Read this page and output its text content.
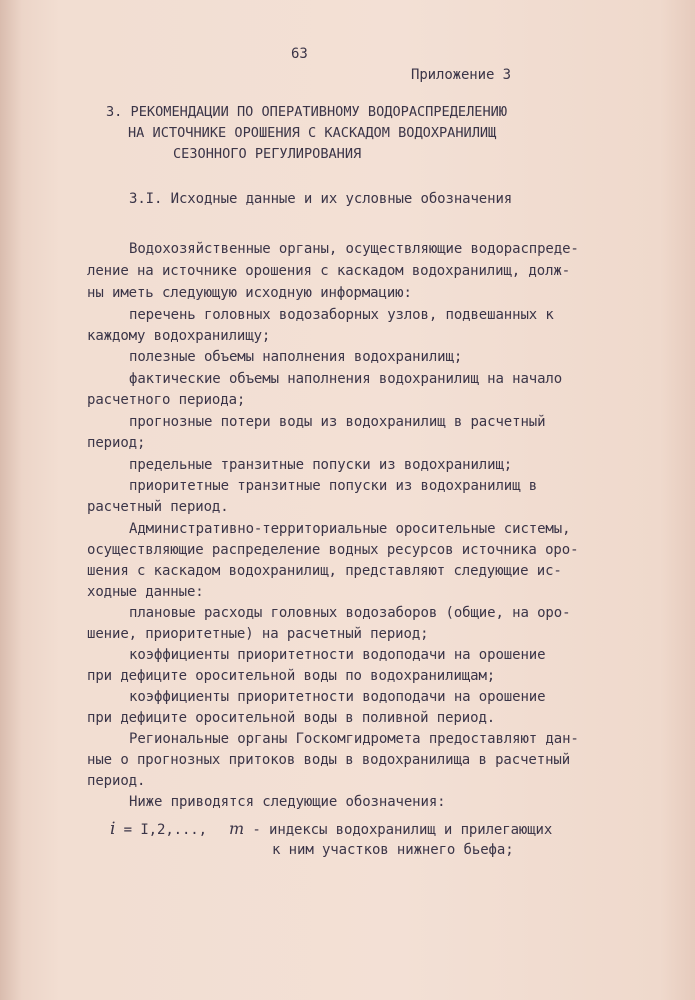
63
Приложение 3
3. РЕКОМЕНДАЦИИ ПО ОПЕРАТИВНОМУ ВОДОРАСПРЕДЕЛЕНИЮ
НА ИСТОЧНИКЕ ОРОШЕНИЯ С КАСКАДОМ ВОДОХРАНИЛИЩ
СЕЗОННОГО РЕГУЛИРОВАНИЯ
3.I. Исходные данные и их условные обозначения
Водохозяйственные органы, осуществляющие водораспреде-
ление на источнике орошения с каскадом водохранилищ, долж-
ны иметь следующую исходную информацию:
перечень головных водозаборных узлов, подвешанных к
каждому водохранилищу;
полезные объемы наполнения водохранилищ;
фактические объемы наполнения водохранилищ на начало
расчетного периода;
прогнозные потери воды из водохранилищ в расчетный
период;
предельные транзитные попуски из водохранилищ;
приоритетные транзитные попуски из водохранилищ в
расчетный период.
Административно-территориальные оросительные системы,
осуществляющие распределение водных ресурсов источника оро-
шения с каскадом водохранилищ, представляют следующие ис-
ходные данные:
плановые расходы головных водозаборов (общие, на оро-
шение, приоритетные) на расчетный период;
коэффициенты приоритетности водоподачи на орошение
при дефиците оросительной воды по водохранилищам;
коэффициенты приоритетности водоподачи на орошение
при дефиците оросительной воды в поливной период.
Региональные органы Госкомгидромета предоставляют дан-
ные о прогнозных притоков воды в водохранилища в расчетный
период.
Ниже приводятся следующие обозначения:
i = I,2,..., m - индексы водохранилищ и прилегающих
к ним участков нижнего бьефа;
